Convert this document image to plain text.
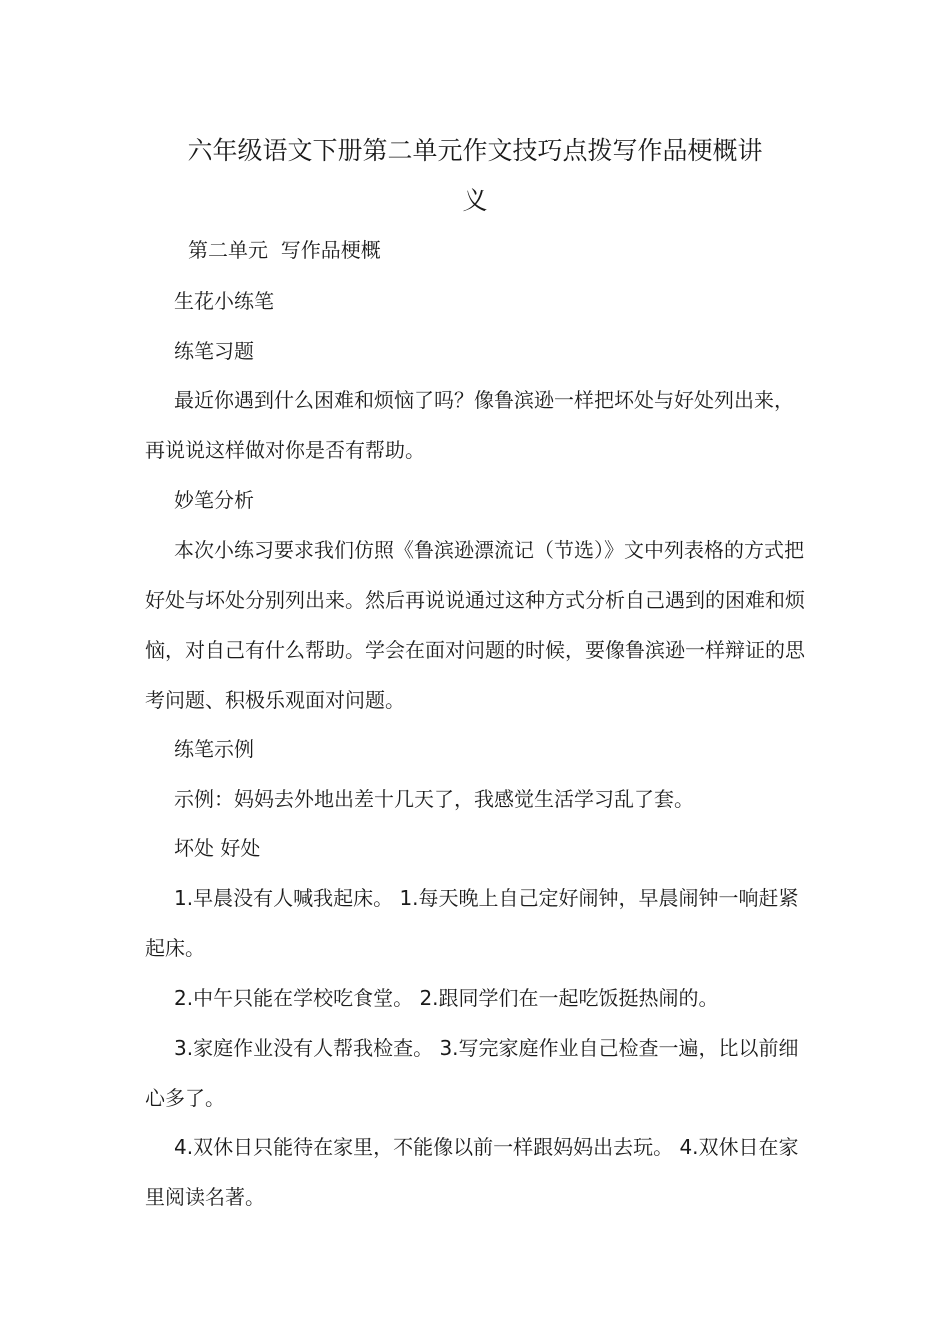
六年级语文下册第二单元作文技巧点拨写作品梗概讲
义
第二单元  写作品梗概

生花小练笔

练笔习题

最近你遇到什么困难和烦恼了吗？像鲁滨逊一样把坏处与好处列出来，再说说这样做对你是否有帮助。

妙笔分析

本次小练习要求我们仿照《鲁滨逊漂流记（节选）》文中列表格的方式把好处与坏处分别列出来。然后再说说通过这种方式分析自己遇到的困难和烦恼，对自己有什么帮助。学会在面对问题的时候，要像鲁滨逊一样辩证的思考问题、积极乐观面对问题。

练笔示例

示例：妈妈去外地出差十几天了，我感觉生活学习乱了套。

坏处 好处

1.早晨没有人喊我起床。 1.每天晚上自己定好闹钟，早晨闹钟一响赶紧起床。

2.中午只能在学校吃食堂。 2.跟同学们在一起吃饭挺热闹的。

3.家庭作业没有人帮我检查。 3.写完家庭作业自己检查一遍，比以前细心多了。

4.双休日只能待在家里，不能像以前一样跟妈妈出去玩。 4.双休日在家里阅读名著。
